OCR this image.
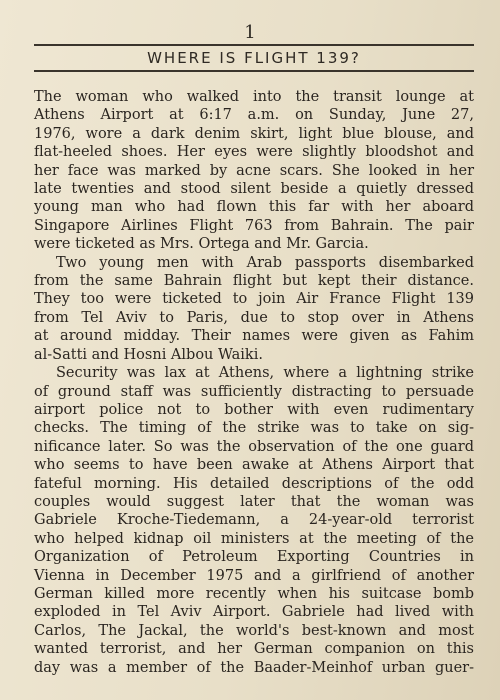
1
WHERE IS FLIGHT 139?
The woman who walked into the transit lounge at
Athens Airport at 6:17 a.m. on Sunday, June 27,
1976, wore a dark denim skirt, light blue blouse, and
flat-heeled shoes. Her eyes were slightly bloodshot and
her face was marked by acne scars. She looked in her
late twenties and stood silent beside a quietly dressed
young man who had flown this far with her aboard
Singapore Airlines Flight 763 from Bahrain. The pair
were ticketed as Mrs. Ortega and Mr. Garcia.
Two young men with Arab passports disembarked
from the same Bahrain flight but kept their distance.
They too were ticketed to join Air France Flight 139
from Tel Aviv to Paris, due to stop over in Athens
at around midday. Their names were given as Fahim
al-Satti and Hosni Albou Waiki.
Security was lax at Athens, where a lightning strike
of ground staff was sufficiently distracting to persuade
airport police not to bother with even rudimentary
checks. The timing of the strike was to take on sig-
nificance later. So was the observation of the one guard
who seems to have been awake at Athens Airport that
fateful morning. His detailed descriptions of the odd
couples would suggest later that the woman was
Gabriele Kroche-Tiedemann, a 24-year-old terrorist
who helped kidnap oil ministers at the meeting of the
Organization of Petroleum Exporting Countries in
Vienna in December 1975 and a girlfriend of another
German killed more recently when his suitcase bomb
exploded in Tel Aviv Airport. Gabriele had lived with
Carlos, The Jackal, the world's best-known and most
wanted terrorist, and her German companion on this
day was a member of the Baader-Meinhof urban guer-
